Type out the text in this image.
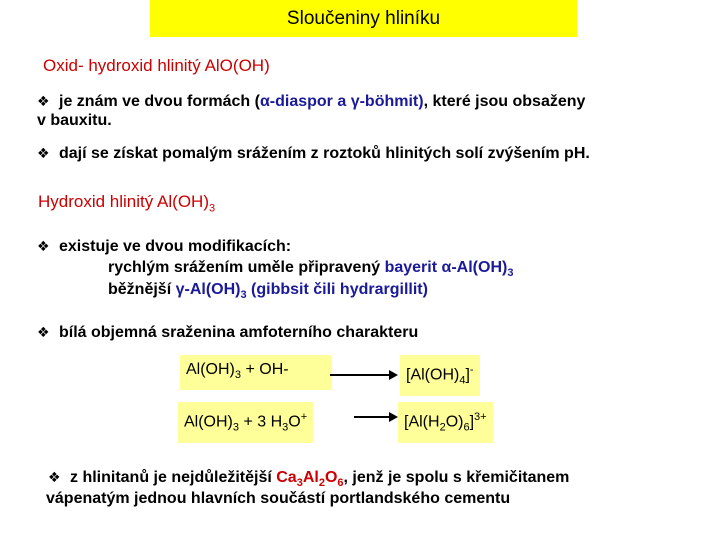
Sloučeniny hliníku
Oxid- hydroxid hlinitý AlO(OH)
❖ je znám ve dvou formách (α-diaspor a γ-böhmit), které jsou obsaženy
v bauxitu.
❖ dají se získat pomalým srážením z roztoků hlinitých solí zvýšením pH.
Hydroxid hlinitý $Al(OH)_3$
❖ existuje ve dvou modifikacích:
rychlým srážením uměle připravený bayerit $\alpha-Al(OH)_3$
běžnější $\gamma-Al(OH)_3$ (gibbsit čili hydrargillit)
❖ bílá objemná sraženina amfoterního charakteru
$Al(OH)_3 + OH-$	$[Al(OH)_4]^-$
$Al(OH)_3 + 3$ $H_3O^+$	$[Al(H_2O)_6]^{3+}$
❖ z hlinitanů je nejdůležitější $Ca_3Al_2O_6$, jenž je spolu s křemičitanem
vápenatým jednou hlavních součástí portlandského cementu
